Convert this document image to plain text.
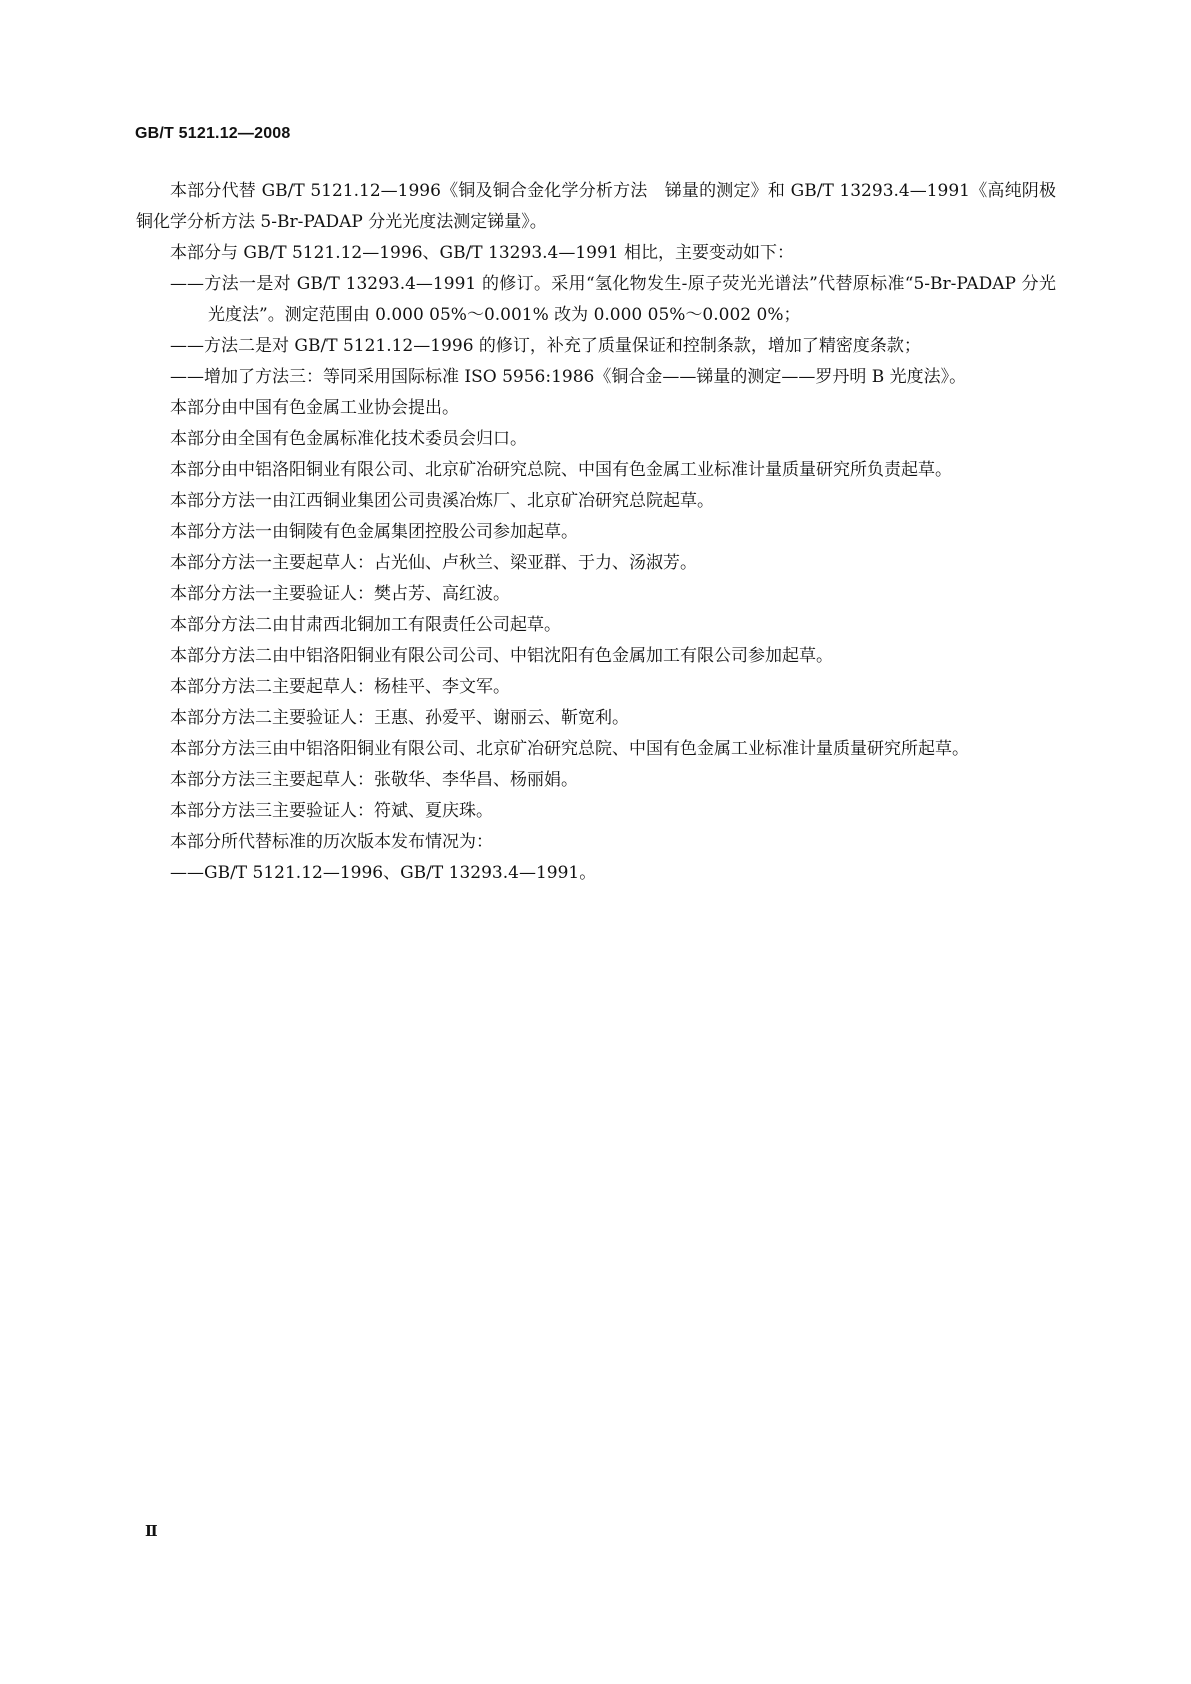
GB/T 5121.12—2008

本部分代替 GB/T 5121.12—1996《铜及铜合金化学分析方法　锑量的测定》和 GB/T 13293.4—1991《高纯阴极铜化学分析方法 5-Br-PADAP 分光光度法测定锑量》。

本部分与 GB/T 5121.12—1996、GB/T 13293.4—1991 相比，主要变动如下：

——方法一是对 GB/T 13293.4—1991 的修订。采用“氢化物发生-原子荧光光谱法”代替原标准“5-Br-PADAP 分光光度法”。测定范围由 0.000 05%～0.001% 改为 0.000 05%～0.002 0%；

——方法二是对 GB/T 5121.12—1996 的修订，补充了质量保证和控制条款，增加了精密度条款；

——增加了方法三：等同采用国际标准 ISO 5956:1986《铜合金——锑量的测定——罗丹明 B 光度法》。

本部分由中国有色金属工业协会提出。

本部分由全国有色金属标准化技术委员会归口。

本部分由中铝洛阳铜业有限公司、北京矿冶研究总院、中国有色金属工业标准计量质量研究所负责起草。

本部分方法一由江西铜业集团公司贵溪冶炼厂、北京矿冶研究总院起草。

本部分方法一由铜陵有色金属集团控股公司参加起草。

本部分方法一主要起草人：占光仙、卢秋兰、梁亚群、于力、汤淑芳。

本部分方法一主要验证人：樊占芳、高红波。

本部分方法二由甘肃西北铜加工有限责任公司起草。

本部分方法二由中铝洛阳铜业有限公司公司、中铝沈阳有色金属加工有限公司参加起草。

本部分方法二主要起草人：杨桂平、李文军。

本部分方法二主要验证人：王惠、孙爱平、谢丽云、靳宽利。

本部分方法三由中铝洛阳铜业有限公司、北京矿冶研究总院、中国有色金属工业标准计量质量研究所起草。

本部分方法三主要起草人：张敬华、李华昌、杨丽娟。

本部分方法三主要验证人：符斌、夏庆珠。

本部分所代替标准的历次版本发布情况为：

——GB/T 5121.12—1996、GB/T 13293.4—1991。

Ⅱ
